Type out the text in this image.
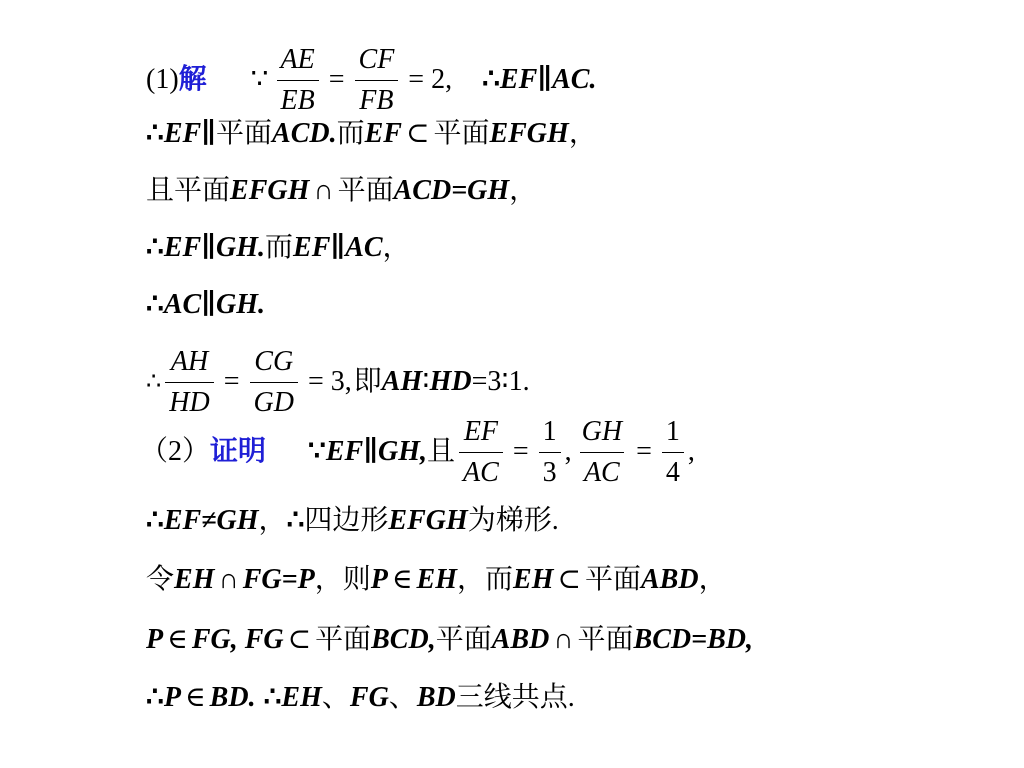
(1) 解 ∵ $\frac{AE}{EB} = \frac{CF}{FB} = 2$, ∴ EF∥AC.
∴ EF∥ 平面 ACD. 而 EF ⊂ 平面 EFGH ，
且平面 EFGH ∩ 平面 ACD=GH ，
∴ EF∥GH. 而 EF∥AC ，
∴ AC∥GH.
∴ $\frac{AH}{HD} = \frac{CG}{GD} = 3$, 即 AH ∶ HD =3∶1.
（2） 证明 ∵ EF∥GH, 且 $\frac{EF}{AC} = \frac{1}{3}$ , $\frac{GH}{AC} = \frac{1}{4}$ ,
∴ EF≠GH ， ∴ 四边形 EFGH 为梯形.
令 EH ∩ FG=P ，则 P ∈ EH ，而 EH ⊂ 平面 ABD ，
P ∈ FG, FG ⊂ 平面 BCD, 平面 ABD ∩ 平面 BCD=BD,
∴ P ∈ BD. ∴ EH 、 FG 、 BD 三线共点.
